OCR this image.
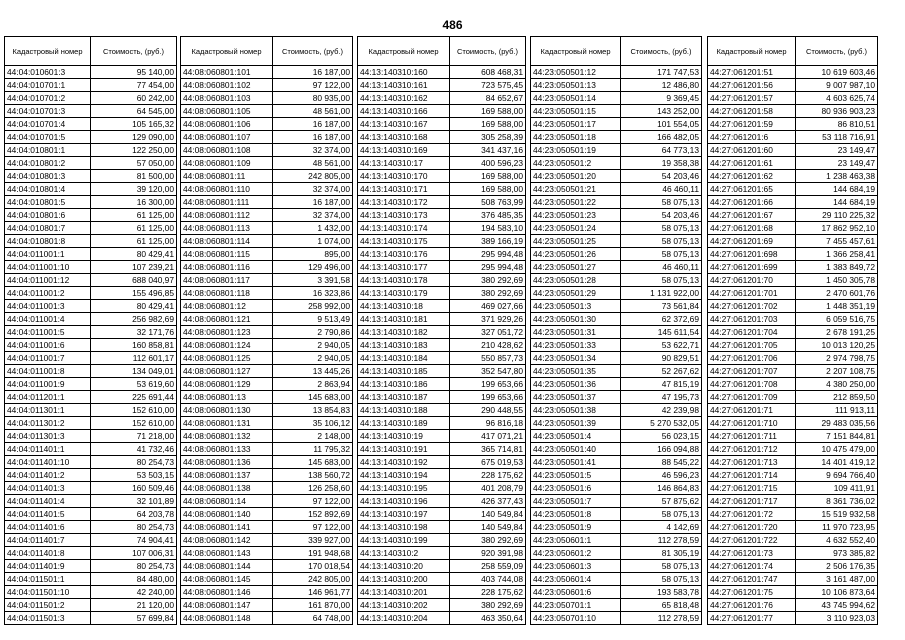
486
Кадастровый номер	Стоимость, (руб.)
44:04:010601:3	95 140,00
44:04:010701:1	77 454,00
44:04:010701:2	60 242,00
44:04:010701:3	64 545,00
44:04:010701:4	105 165,32
44:04:010701:5	129 090,00
44:04:010801:1	122 250,00
44:04:010801:2	57 050,00
44:04:010801:3	81 500,00
44:04:010801:4	39 120,00
44:04:010801:5	16 300,00
44:04:010801:6	61 125,00
44:04:010801:7	61 125,00
44:04:010801:8	61 125,00
44:04:011001:1	80 429,41
44:04:011001:10	107 239,21
44:04:011001:12	688 040,97
44:04:011001:2	155 496,85
44:04:011001:3	80 429,41
44:04:011001:4	256 982,69
44:04:011001:5	32 171,76
44:04:011001:6	160 858,81
44:04:011001:7	112 601,17
44:04:011001:8	134 049,01
44:04:011001:9	53 619,60
44:04:011201:1	225 691,44
44:04:011301:1	152 610,00
44:04:011301:2	152 610,00
44:04:011301:3	71 218,00
44:04:011401:1	41 732,46
44:04:011401:10	80 254,73
44:04:011401:2	53 503,15
44:04:011401:3	160 509,46
44:04:011401:4	32 101,89
44:04:011401:5	64 203,78
44:04:011401:6	80 254,73
44:04:011401:7	74 904,41
44:04:011401:8	107 006,31
44:04:011401:9	80 254,73
44:04:011501:1	84 480,00
44:04:011501:10	42 240,00
44:04:011501:2	21 120,00
44:04:011501:3	57 699,84
Кадастровый номер	Стоимость, (руб.)
44:08:060801:101	16 187,00
44:08:060801:102	97 122,00
44:08:060801:103	80 935,00
44:08:060801:105	48 561,00
44:08:060801:106	16 187,00
44:08:060801:107	16 187,00
44:08:060801:108	32 374,00
44:08:060801:109	48 561,00
44:08:060801:11	242 805,00
44:08:060801:110	32 374,00
44:08:060801:111	16 187,00
44:08:060801:112	32 374,00
44:08:060801:113	1 432,00
44:08:060801:114	1 074,00
44:08:060801:115	895,00
44:08:060801:116	129 496,00
44:08:060801:117	3 391,58
44:08:060801:118	16 323,86
44:08:060801:12	258 992,00
44:08:060801:121	9 513,49
44:08:060801:123	2 790,86
44:08:060801:124	2 940,05
44:08:060801:125	2 940,05
44:08:060801:127	13 445,26
44:08:060801:129	2 863,94
44:08:060801:13	145 683,00
44:08:060801:130	13 854,83
44:08:060801:131	35 106,12
44:08:060801:132	2 148,00
44:08:060801:133	11 795,32
44:08:060801:136	145 683,00
44:08:060801:137	138 560,72
44:08:060801:138	126 258,60
44:08:060801:14	97 122,00
44:08:060801:140	152 892,69
44:08:060801:141	97 122,00
44:08:060801:142	339 927,00
44:08:060801:143	191 948,68
44:08:060801:144	170 018,54
44:08:060801:145	242 805,00
44:08:060801:146	146 961,77
44:08:060801:147	161 870,00
44:08:060801:148	64 748,00
Кадастровый номер	Стоимость, (руб.)
44:13:140310:160	608 468,31
44:13:140310:161	723 575,45
44:13:140310:162	84 652,67
44:13:140310:166	169 588,00
44:13:140310:167	169 588,00
44:13:140310:168	305 258,39
44:13:140310:169	341 437,16
44:13:140310:17	400 596,23
44:13:140310:170	169 588,00
44:13:140310:171	169 588,00
44:13:140310:172	508 763,99
44:13:140310:173	376 485,35
44:13:140310:174	194 583,10
44:13:140310:175	389 166,19
44:13:140310:176	295 994,48
44:13:140310:177	295 994,48
44:13:140310:178	380 292,69
44:13:140310:179	380 292,69
44:13:140310:18	469 027,66
44:13:140310:181	371 929,26
44:13:140310:182	327 051,72
44:13:140310:183	210 428,62
44:13:140310:184	550 857,73
44:13:140310:185	352 547,80
44:13:140310:186	199 653,66
44:13:140310:187	199 653,66
44:13:140310:188	290 448,55
44:13:140310:189	96 816,18
44:13:140310:19	417 071,21
44:13:140310:191	365 714,81
44:13:140310:192	675 019,53
44:13:140310:194	228 175,62
44:13:140310:195	401 208,79
44:13:140310:196	426 377,43
44:13:140310:197	140 549,84
44:13:140310:198	140 549,84
44:13:140310:199	380 292,69
44:13:140310:2	920 391,98
44:13:140310:20	258 559,09
44:13:140310:200	403 744,08
44:13:140310:201	228 175,62
44:13:140310:202	380 292,69
44:13:140310:204	463 350,64
Кадастровый номер	Стоимость, (руб.)
44:23:050501:12	171 747,53
44:23:050501:13	12 486,80
44:23:050501:14	9 369,45
44:23:050501:15	143 252,00
44:23:050501:17	101 554,05
44:23:050501:18	166 482,05
44:23:050501:19	64 773,13
44:23:050501:2	19 358,38
44:23:050501:20	54 203,46
44:23:050501:21	46 460,11
44:23:050501:22	58 075,13
44:23:050501:23	54 203,46
44:23:050501:24	58 075,13
44:23:050501:25	58 075,13
44:23:050501:26	58 075,13
44:23:050501:27	46 460,11
44:23:050501:28	58 075,13
44:23:050501:29	1 131 922,00
44:23:050501:3	73 561,84
44:23:050501:30	62 372,69
44:23:050501:31	145 611,54
44:23:050501:33	53 622,71
44:23:050501:34	90 829,51
44:23:050501:35	52 267,62
44:23:050501:36	47 815,19
44:23:050501:37	47 195,73
44:23:050501:38	42 239,98
44:23:050501:39	5 270 532,05
44:23:050501:4	56 023,15
44:23:050501:40	166 094,88
44:23:050501:41	88 545,22
44:23:050501:5	46 596,23
44:23:050501:6	146 864,83
44:23:050501:7	57 875,62
44:23:050501:8	58 075,13
44:23:050501:9	4 142,69
44:23:050601:1	112 278,59
44:23:050601:2	81 305,19
44:23:050601:3	58 075,13
44:23:050601:4	58 075,13
44:23:050601:6	193 583,78
44:23:050701:1	65 818,48
44:23:050701:10	112 278,59
Кадастровый номер	Стоимость, (руб.)
44:27:061201:51	10 619 603,46
44:27:061201:56	9 007 987,10
44:27:061201:57	4 603 625,74
44:27:061201:58	80 936 903,23
44:27:061201:59	86 810,51
44:27:061201:6	53 118 716,91
44:27:061201:60	23 149,47
44:27:061201:61	23 149,47
44:27:061201:62	1 238 463,38
44:27:061201:65	144 684,19
44:27:061201:66	144 684,19
44:27:061201:67	29 110 225,32
44:27:061201:68	17 862 952,10
44:27:061201:69	7 455 457,61
44:27:061201:698	1 366 258,41
44:27:061201:699	1 383 849,72
44:27:061201:70	1 450 305,78
44:27:061201:701	2 470 601,76
44:27:061201:702	1 448 351,19
44:27:061201:703	6 059 516,75
44:27:061201:704	2 678 191,25
44:27:061201:705	10 013 120,25
44:27:061201:706	2 974 798,75
44:27:061201:707	2 207 108,75
44:27:061201:708	4 380 250,00
44:27:061201:709	212 859,50
44:27:061201:71	111 913,11
44:27:061201:710	29 483 035,56
44:27:061201:711	7 151 844,81
44:27:061201:712	10 475 479,00
44:27:061201:713	14 401 419,12
44:27:061201:714	9 694 766,40
44:27:061201:715	109 411,91
44:27:061201:717	8 361 736,02
44:27:061201:72	15 519 932,58
44:27:061201:720	11 970 723,95
44:27:061201:722	4 632 552,40
44:27:061201:73	973 385,82
44:27:061201:74	2 506 176,35
44:27:061201:747	3 161 487,00
44:27:061201:75	10 106 873,64
44:27:061201:76	43 745 994,62
44:27:061201:77	3 110 923,03
